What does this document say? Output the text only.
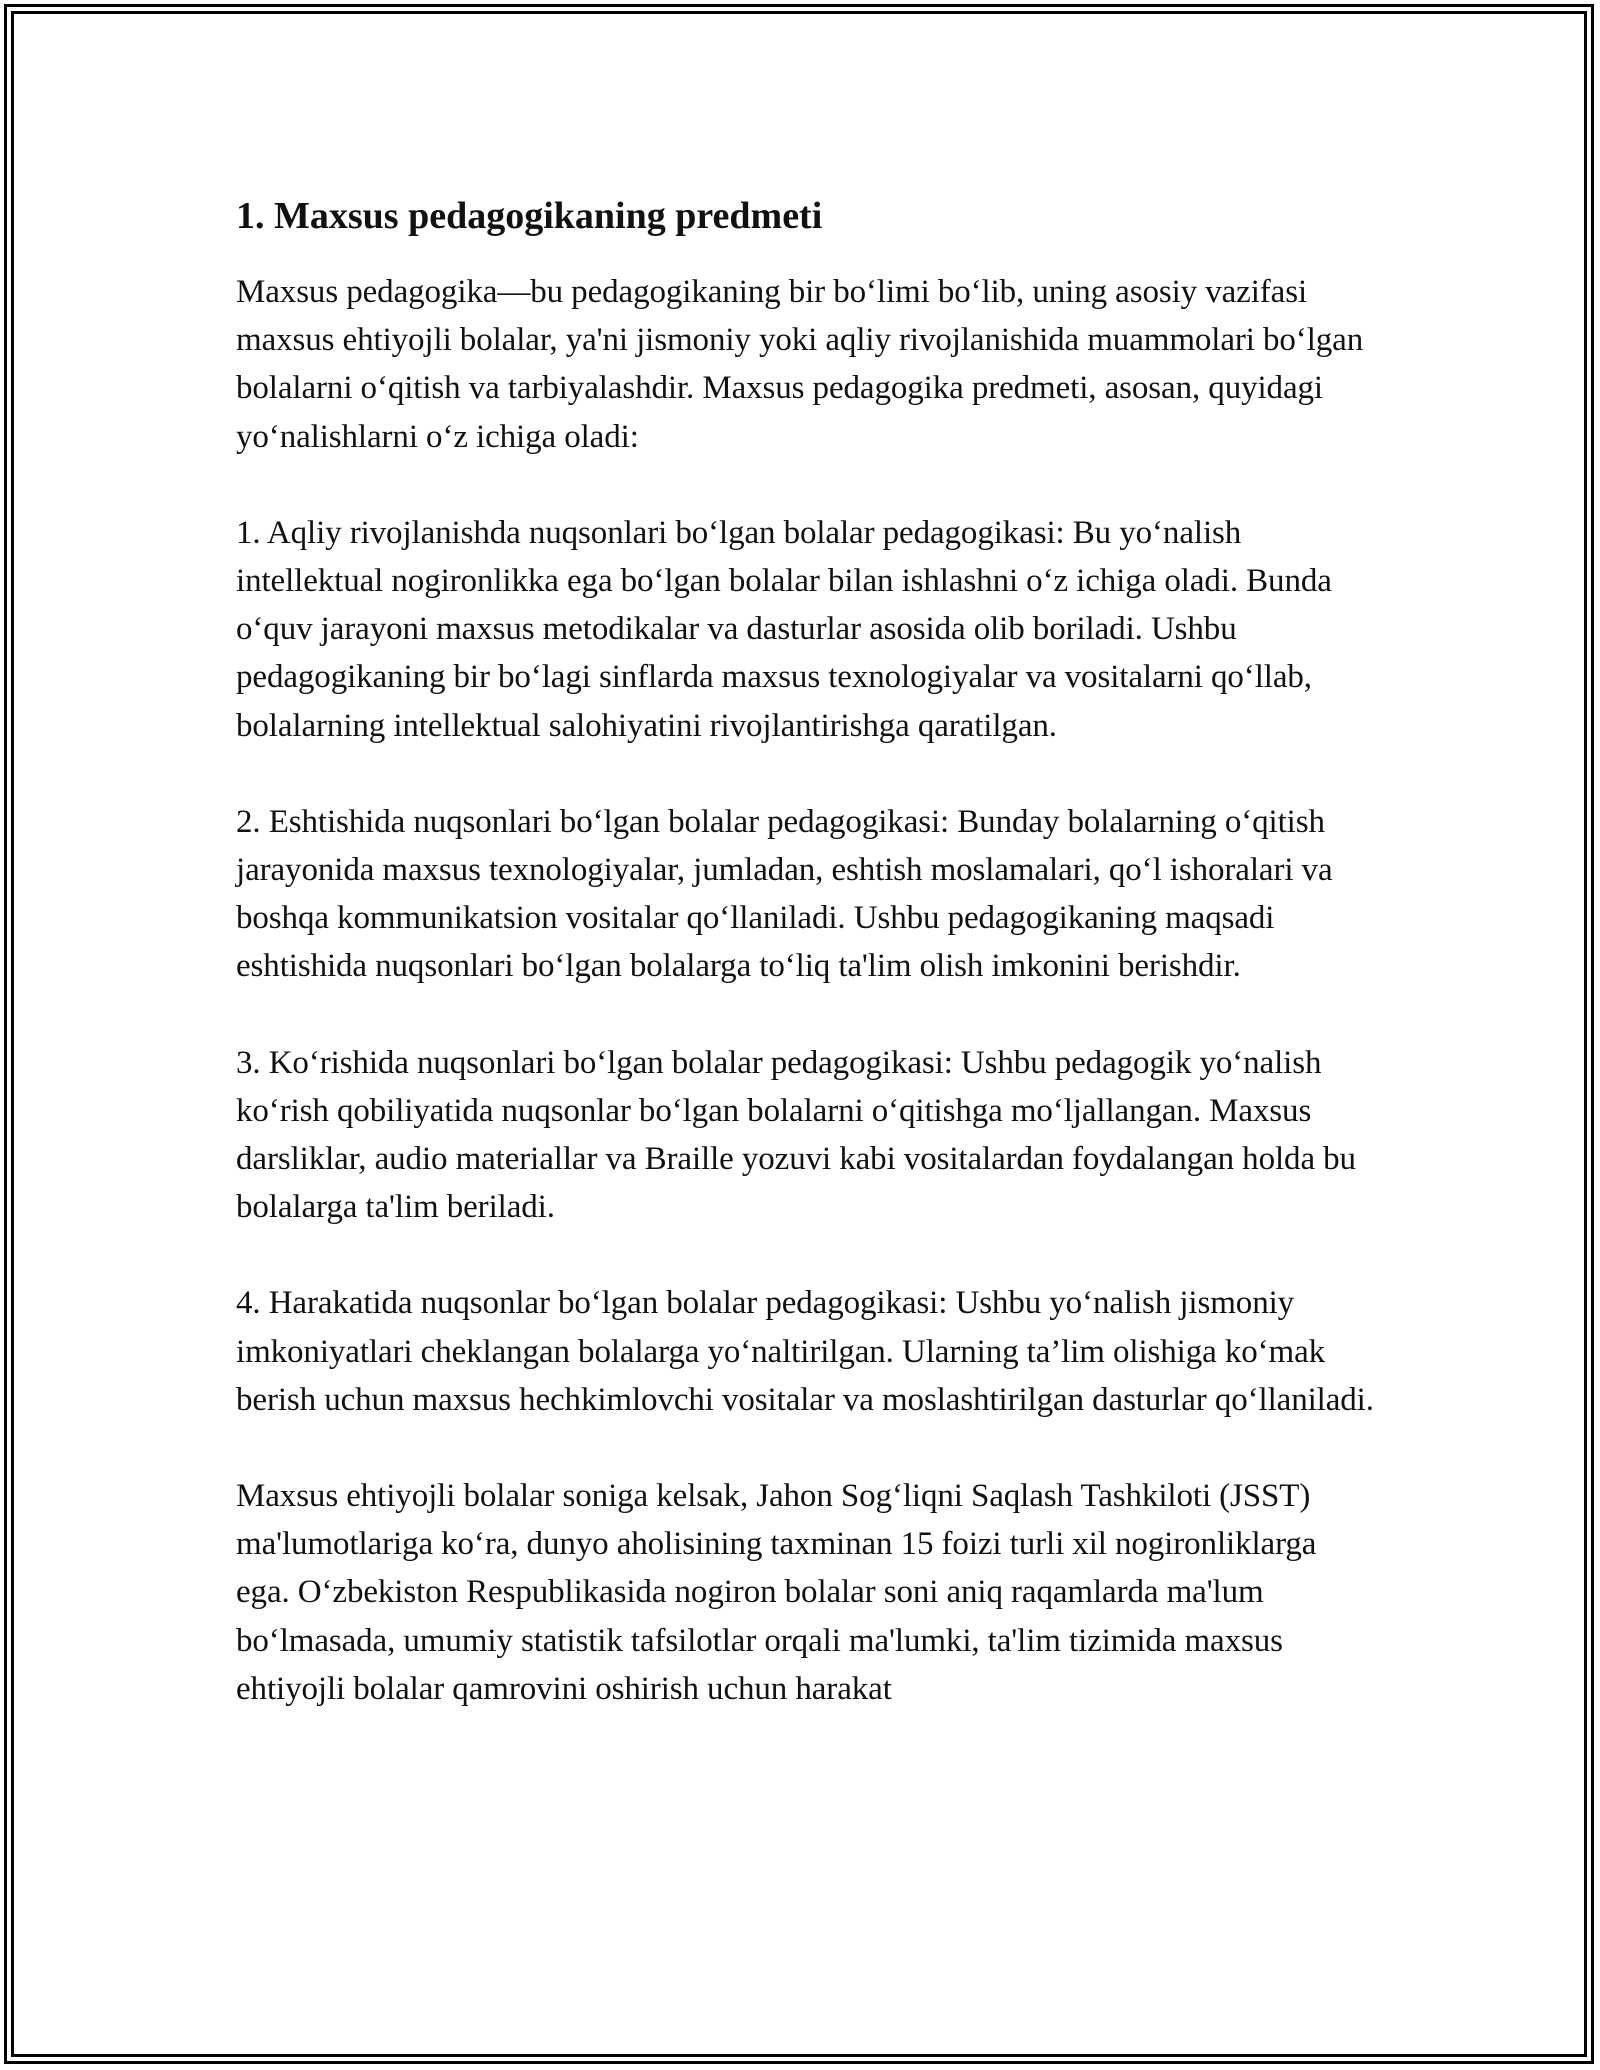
1. Maxsus pedagogikaning predmeti

Maxsus pedagogika—bu pedagogikaning bir bo‘limi bo‘lib, uning asosiy vazifasi maxsus ehtiyojli bolalar, ya'ni jismoniy yoki aqliy rivojlanishida muammolari bo‘lgan bolalarni o‘qitish va tarbiyalashdir. Maxsus pedagogika predmeti, asosan, quyidagi yo‘nalishlarni o‘z ichiga oladi:

1. Aqliy rivojlanishda nuqsonlari bo‘lgan bolalar pedagogikasi: Bu yo‘nalish intellektual nogironlikka ega bo‘lgan bolalar bilan ishlashni o‘z ichiga oladi. Bunda o‘quv jarayoni maxsus metodikalar va dasturlar asosida olib boriladi. Ushbu pedagogikaning bir bo‘lagi sinflarda maxsus texnologiyalar va vositalarni qo‘llab, bolalarning intellektual salohiyatini rivojlantirishga qaratilgan.

2. Eshtishida nuqsonlari bo‘lgan bolalar pedagogikasi: Bunday bolalarning o‘qitish jarayonida maxsus texnologiyalar, jumladan, eshtish moslamalari, qo‘l ishoralari va boshqa kommunikatsion vositalar qo‘llaniladi. Ushbu pedagogikaning maqsadi eshtishida nuqsonlari bo‘lgan bolalarga to‘liq ta'lim olish imkonini berishdir.

3. Ko‘rishida nuqsonlari bo‘lgan bolalar pedagogikasi: Ushbu pedagogik yo‘nalish ko‘rish qobiliyatida nuqsonlar bo‘lgan bolalarni o‘qitishga mo‘ljallangan. Maxsus darsliklar, audio materiallar va Braille yozuvi kabi vositalardan foydalangan holda bu bolalarga ta'lim beriladi.

4. Harakatida nuqsonlar bo‘lgan bolalar pedagogikasi: Ushbu yo‘nalish jismoniy imkoniyatlari cheklangan bolalarga yo‘naltirilgan. Ularning ta’lim olishiga ko‘mak berish uchun maxsus hechkimlovchi vositalar va moslashtirilgan dasturlar qo‘llaniladi.

Maxsus ehtiyojli bolalar soniga kelsak, Jahon Sog‘liqni Saqlash Tashkiloti (JSST) ma'lumotlariga ko‘ra, dunyo aholisining taxminan 15 foizi turli xil nogironliklarga ega. O‘zbekiston Respublikasida nogiron bolalar soni aniq raqamlarda ma'lum bo‘lmasada, umumiy statistik tafsilotlar orqali ma'lumki, ta'lim tizimida maxsus ehtiyojli bolalar qamrovini oshirish uchun harakat
